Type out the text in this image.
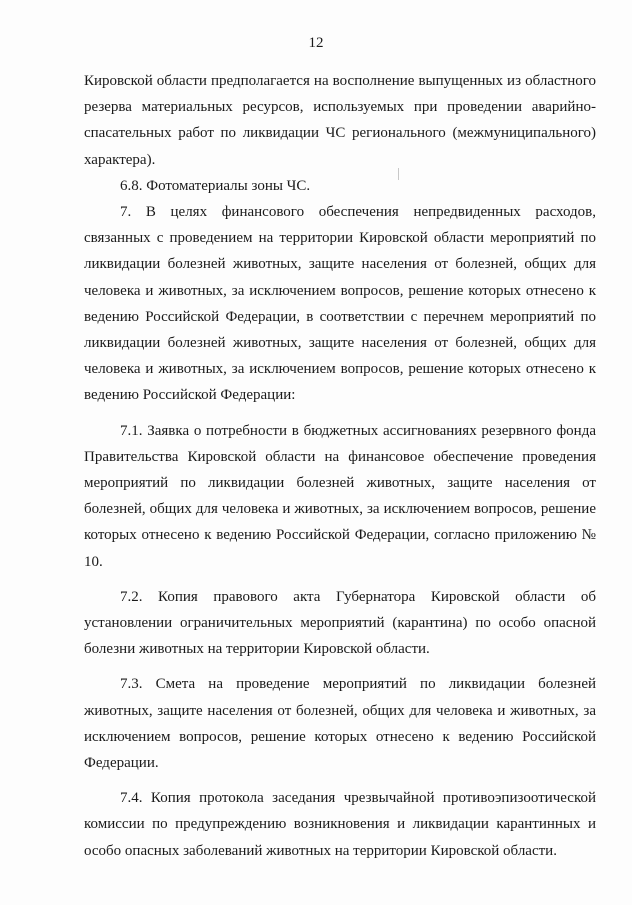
12

Кировской области предполагается на восполнение выпущенных из областного резерва материальных ресурсов, используемых при проведении аварийно-спасательных работ по ликвидации ЧС регионального (межмуниципального) характера).

6.8. Фотоматериалы зоны ЧС.

7. В целях финансового обеспечения непредвиденных расходов, связанных с проведением на территории Кировской области мероприятий по ликвидации болезней животных, защите населения от болезней, общих для человека и животных, за исключением вопросов, решение которых отнесено к ведению Российской Федерации, в соответствии с перечнем мероприятий по ликвидации болезней животных, защите населения от болезней, общих для человека и животных, за исключением вопросов, решение которых отнесено к ведению Российской Федерации:

7.1. Заявка о потребности в бюджетных ассигнованиях резервного фонда Правительства Кировской области на финансовое обеспечение проведения мероприятий по ликвидации болезней животных, защите населения от болезней, общих для человека и животных, за исключением вопросов, решение которых отнесено к ведению Российской Федерации, согласно приложению № 10.

7.2. Копия правового акта Губернатора Кировской области об установлении ограничительных мероприятий (карантина) по особо опасной болезни животных на территории Кировской области.

7.3. Смета на проведение мероприятий по ликвидации болезней животных, защите населения от болезней, общих для человека и животных, за исключением вопросов, решение которых отнесено к ведению Российской Федерации.

7.4. Копия протокола заседания чрезвычайной противоэпизоотической комиссии по предупреждению возникновения и ликвидации карантинных и особо опасных заболеваний животных на территории Кировской области.
